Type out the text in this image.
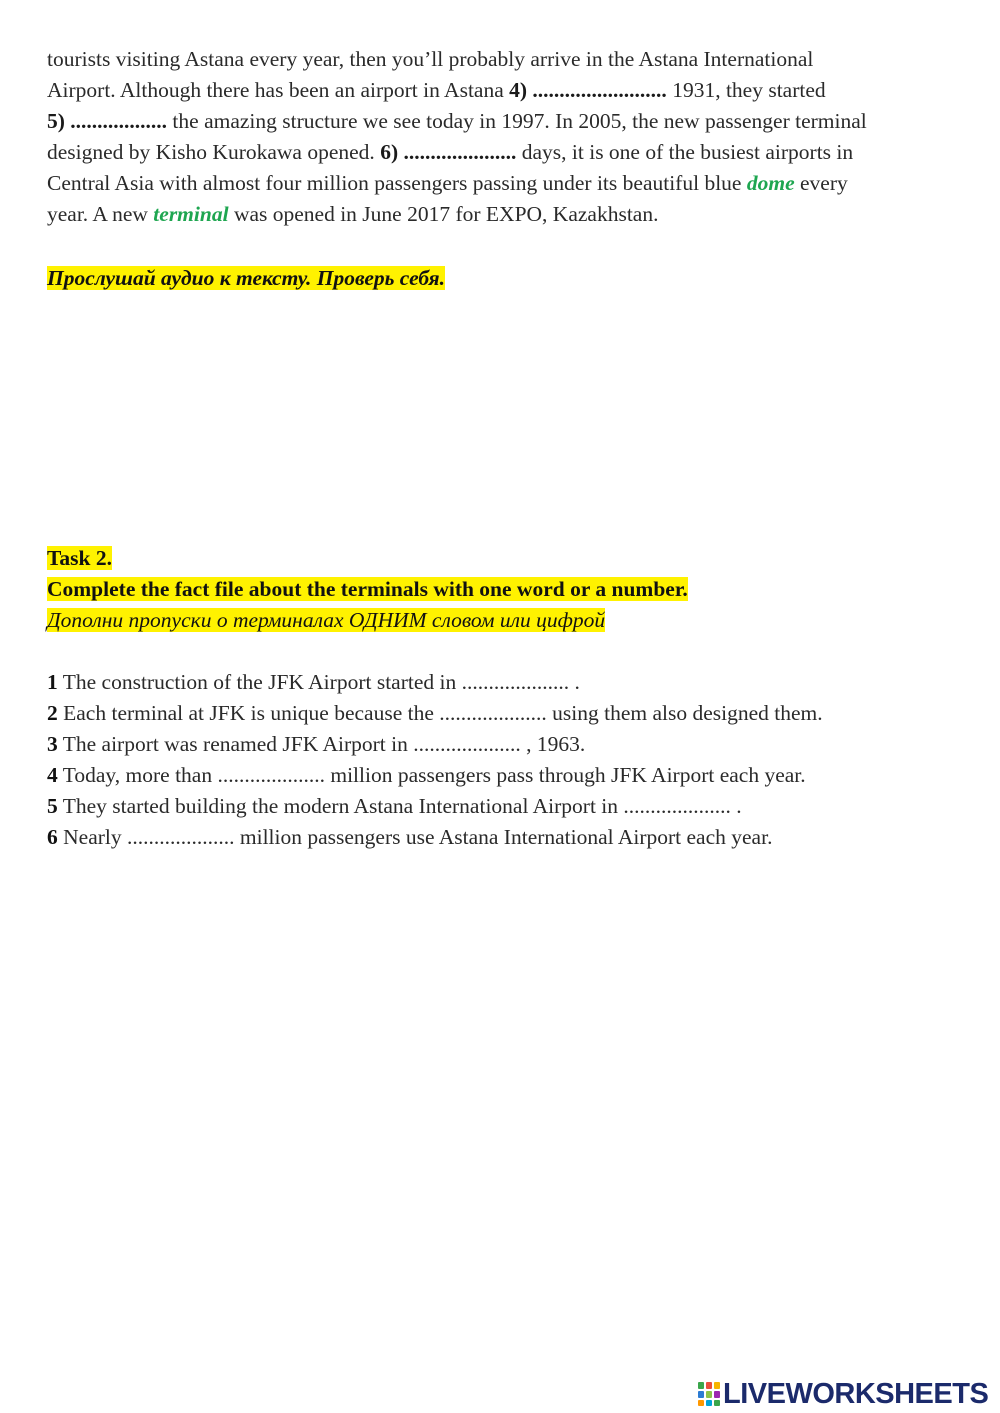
tourists visiting Astana every year, then you’ll probably arrive in the Astana International
Airport. Although there has been an airport in Astana 4) ......................... 1931, they started
5) .................. the amazing structure we see today in 1997. In 2005, the new passenger terminal
designed by Kisho Kurokawa opened. 6) ..................... days, it is one of the busiest airports in
Central Asia with almost four million passengers passing under its beautiful blue dome every
year. A new terminal was opened in June 2017 for EXPO, Kazakhstan.

Прослушай аудио к тексту. Проверь себя.
Task 2.
Complete the fact file about the terminals with one word or a number.
Дополни пропуски о терминалах ОДНИМ словом или цифрой
1 The construction of the JFK Airport started in .................... .
2 Each terminal at JFK is unique because the .................... using them also designed them.
3 The airport was renamed JFK Airport in .................... , 1963.
4 Today, more than .................... million passengers pass through JFK Airport each year.
5 They started building the modern Astana International Airport in .................... .
6 Nearly .................... million passengers use Astana International Airport each year.
LIVEWORKSHEETS
